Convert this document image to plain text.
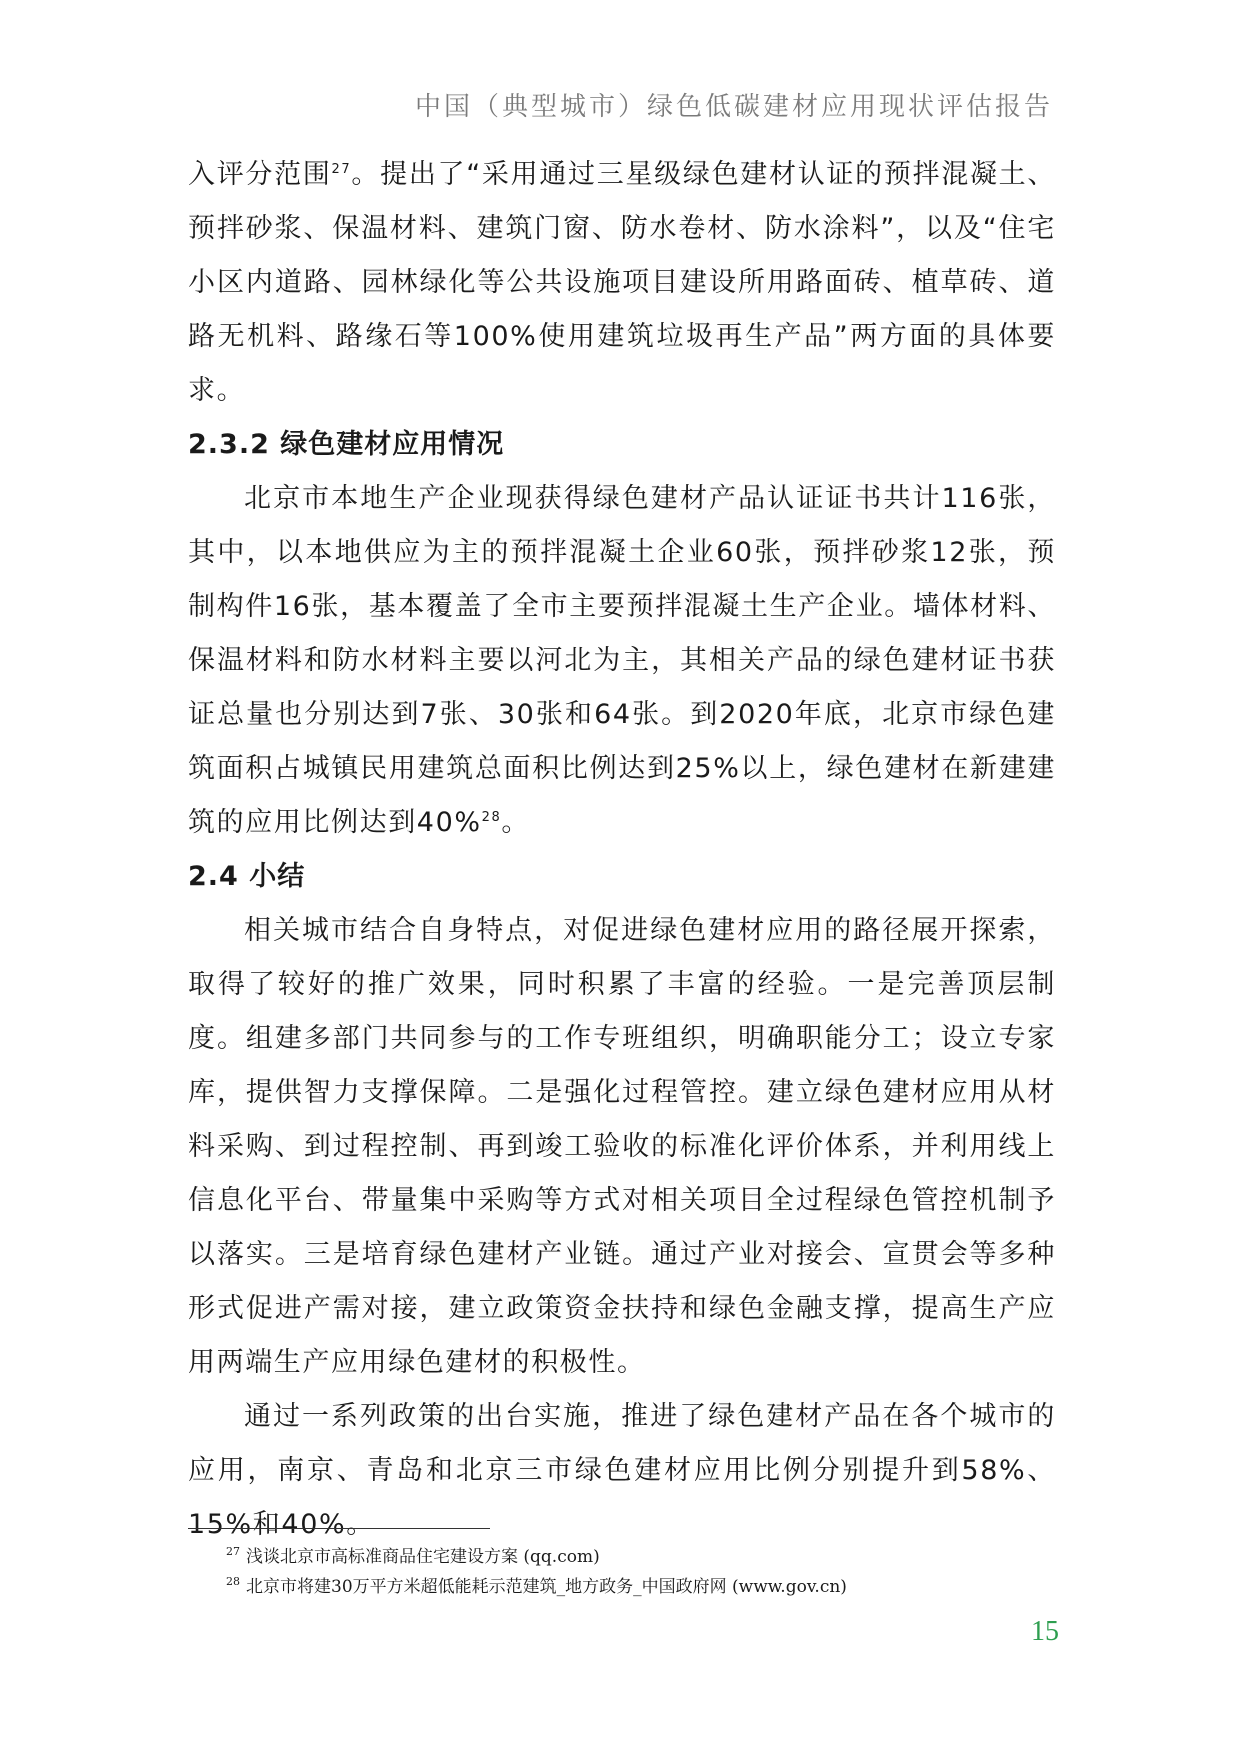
中国（典型城市）绿色低碳建材应用现状评估报告

入评分范围$^{27}$。提出了“采用通过三星级绿色建材认证的预拌混凝土、预拌砂浆、保温材料、建筑门窗、防水卷材、防水涂料”，以及“住宅小区内道路、园林绿化等公共设施项目建设所用路面砖、植草砖、道路无机料、路缘石等100%使用建筑垃圾再生产品”两方面的具体要求。

2.3.2 绿色建材应用情况

北京市本地生产企业现获得绿色建材产品认证证书共计116张，其中，以本地供应为主的预拌混凝土企业60张，预拌砂浆12张，预制构件16张，基本覆盖了全市主要预拌混凝土生产企业。墙体材料、保温材料和防水材料主要以河北为主，其相关产品的绿色建材证书获证总量也分别达到7张、30张和64张。到2020年底，北京市绿色建筑面积占城镇民用建筑总面积比例达到25%以上，绿色建材在新建建筑的应用比例达到40%$^{28}$。

2.4 小结

相关城市结合自身特点，对促进绿色建材应用的路径展开探索，取得了较好的推广效果，同时积累了丰富的经验。一是完善顶层制度。组建多部门共同参与的工作专班组织，明确职能分工；设立专家库，提供智力支撑保障。二是强化过程管控。建立绿色建材应用从材料采购、到过程控制、再到竣工验收的标准化评价体系，并利用线上信息化平台、带量集中采购等方式对相关项目全过程绿色管控机制予以落实。三是培育绿色建材产业链。通过产业对接会、宣贯会等多种形式促进产需对接，建立政策资金扶持和绿色金融支撑，提高生产应用两端生产应用绿色建材的积极性。

通过一系列政策的出台实施，推进了绿色建材产品在各个城市的应用，南京、青岛和北京三市绿色建材应用比例分别提升到58%、15%和40%。

$^{27}$ 浅谈北京市高标准商品住宅建设方案 (qq.com)
$^{28}$ 北京市将建30万平方米超低能耗示范建筑_地方政务_中国政府网 (www.gov.cn)
15
